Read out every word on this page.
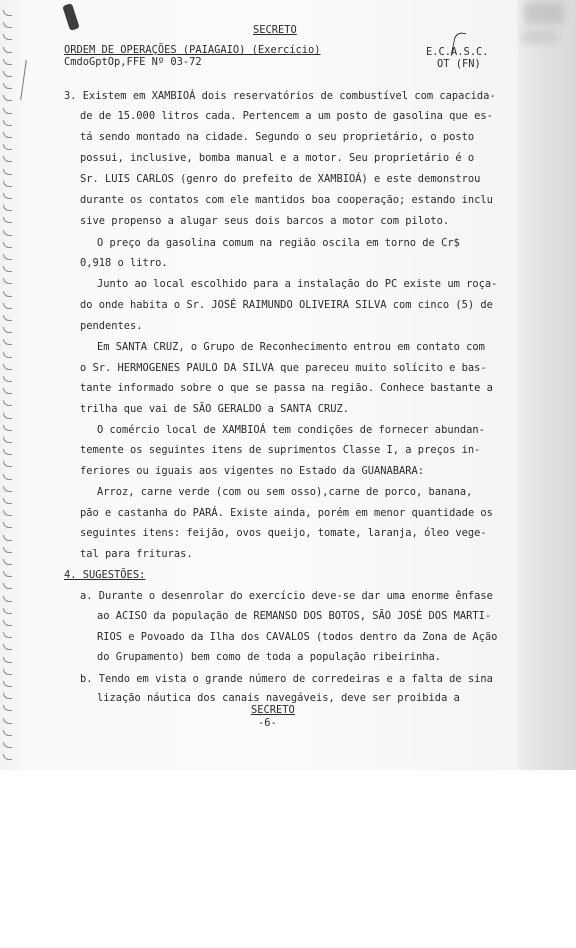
SECRETO
ORDEM DE OPERAÇÕES (PAIAGAIO) (Exercício)
CmdoGptOp,FFE Nº 03-72
E.C.A.S.C.
OT (FN)
3. Existem em XAMBIOÁ dois reservatórios de combustível com capacida-
de de 15.000 litros cada. Pertencem a um posto de gasolina que es-
tá sendo montado na cidade. Segundo o seu proprietário, o posto
possui, inclusive, bomba manual e a motor. Seu proprietário é o
Sr. LUIS CARLOS (genro do prefeito de XAMBIOÁ) e este demonstrou
durante os contatos com ele mantidos boa cooperação; estando inclu
sive propenso a alugar seus dois barcos a motor com piloto.
O preço da gasolina comum na região oscila em torno de Cr$
0,918 o litro.
Junto ao local escolhido para a instalação do PC existe um roça-
do onde habita o Sr. JOSÉ RAIMUNDO OLIVEIRA SILVA com cinco (5) de
pendentes.
Em SANTA CRUZ, o Grupo de Reconhecimento entrou em contato com
o Sr. HERMOGENES PAULO DA SILVA que pareceu muito solícito e bas-
tante informado sobre o que se passa na região. Conhece bastante a
trilha que vai de SÃO GERALDO a SANTA CRUZ.
O comércio local de XAMBIOÁ tem condições de fornecer abundan-
temente os seguintes itens de suprimentos Classe I, a preços in-
feriores ou iguais aos vigentes no Estado da GUANABARA:
Arroz, carne verde (com ou sem osso),carne de porco, banana,
pão e castanha do PARÁ. Existe ainda, porém em menor quantidade os
seguintes itens: feijão, ovos queijo, tomate, laranja, óleo vege-
tal para frituras.
4. SUGESTÕES:
a. Durante o desenrolar do exercício deve-se dar uma enorme ênfase
ao ACISO da população de REMANSO DOS BOTOS, SÃO JOSÉ DOS MARTI-
RIOS e Povoado da Ilha dos CAVALOS (todos dentro da Zona de Ação
do Grupamento) bem como de toda a população ribeirinha.
b. Tendo em vista o grande número de corredeiras e a falta de sina
lização náutica dos canais navegáveis, deve ser proibida a
SECRETO
-6-
